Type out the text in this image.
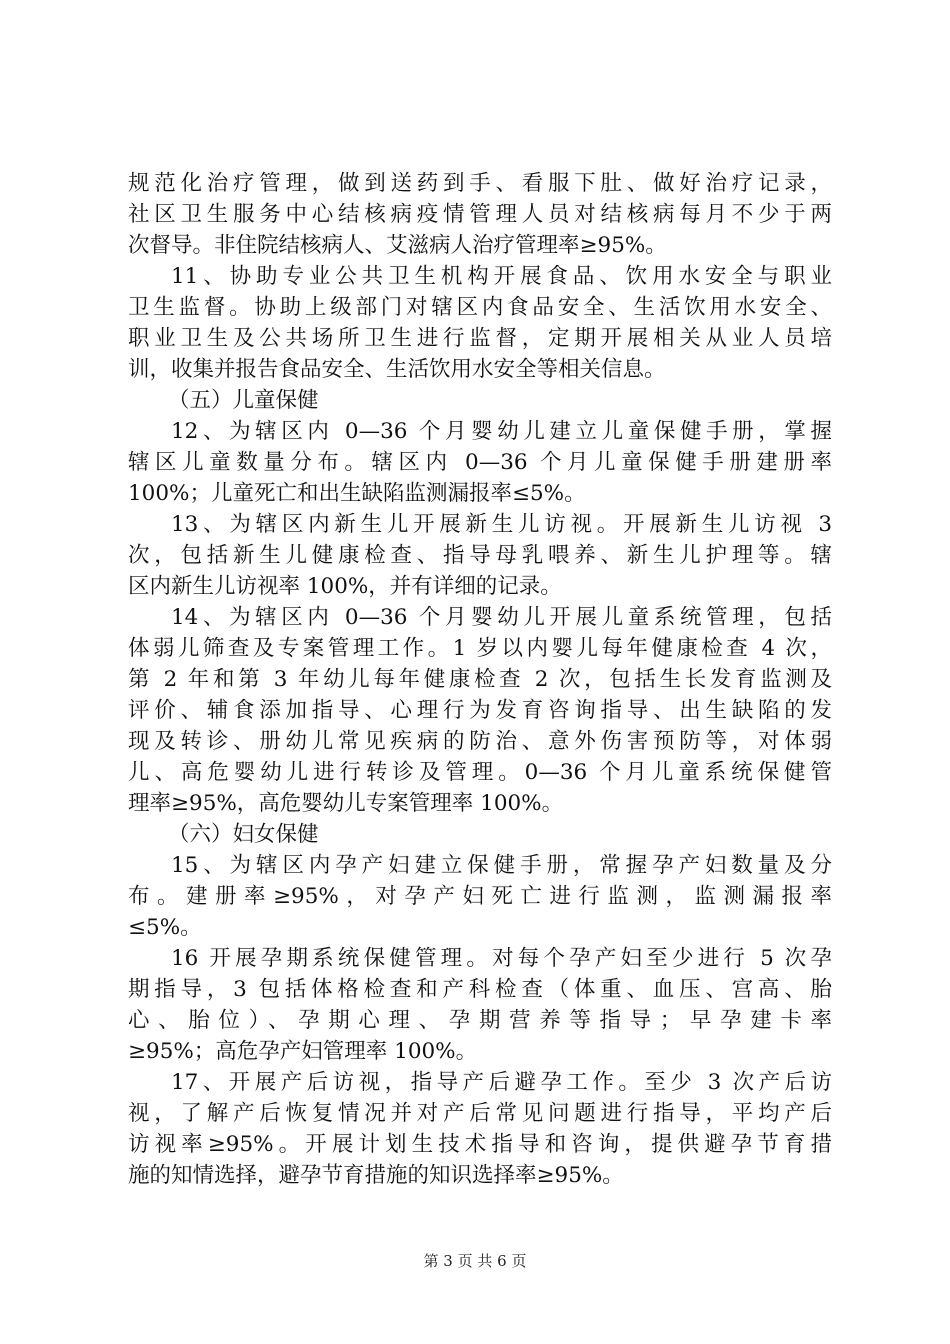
规范化治疗管理，做到送药到手、看服下肚、做好治疗记录，
社区卫生服务中心结核病疫情管理人员对结核病每月不少于两
次督导。非住院结核病人、艾滋病人治疗管理率≥95%。
11、协助专业公共卫生机构开展食品、饮用水安全与职业
卫生监督。协助上级部门对辖区内食品安全、生活饮用水安全、
职业卫生及公共场所卫生进行监督，定期开展相关从业人员培
训，收集并报告食品安全、生活饮用水安全等相关信息。
（五）儿童保健
12、为辖区内 0—36 个月婴幼儿建立儿童保健手册，掌握
辖区儿童数量分布。辖区内 0—36 个月儿童保健手册建册率
100%；儿童死亡和出生缺陷监测漏报率≤5%。
13、为辖区内新生儿开展新生儿访视。开展新生儿访视 3
次，包括新生儿健康检查、指导母乳喂养、新生儿护理等。辖
区内新生儿访视率 100%，并有详细的记录。
14、为辖区内 0—36 个月婴幼儿开展儿童系统管理，包括
体弱儿筛查及专案管理工作。1 岁以内婴儿每年健康检查 4 次，
第 2 年和第 3 年幼儿每年健康检查 2 次，包括生长发育监测及
评价、辅食添加指导、心理行为发育咨询指导、出生缺陷的发
现及转诊、册幼儿常见疾病的防治、意外伤害预防等，对体弱
儿、高危婴幼儿进行转诊及管理。0—36 个月儿童系统保健管
理率≥95%，高危婴幼儿专案管理率 100%。
（六）妇女保健
15、为辖区内孕产妇建立保健手册，常握孕产妇数量及分
布。建册率≥95%，对孕产妇死亡进行监测，监测漏报率
≤5%。
16 开展孕期系统保健管理。对每个孕产妇至少进行 5 次孕
期指导，3 包括体格检查和产科检查（体重、血压、宫高、胎
心、胎位）、孕期心理、孕期营养等指导；早孕建卡率
≥95%；高危孕产妇管理率 100%。
17、开展产后访视，指导产后避孕工作。至少 3 次产后访
视，了解产后恢复情况并对产后常见问题进行指导，平均产后
访视率≥95%。开展计划生技术指导和咨询，提供避孕节育措
施的知情选择，避孕节育措施的知识选择率≥95%。
第 3 页 共 6 页
